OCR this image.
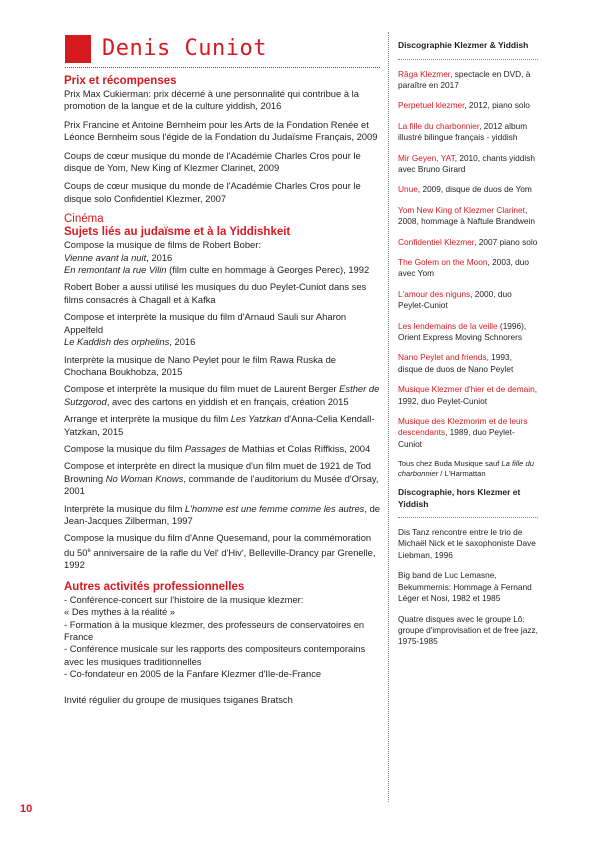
Denis Cuniot
Prix et récompenses

Prix Max Cukierman: prix décerné à une personnalité qui contribue à la promotion de la langue et de la culture yiddish, 2016

Prix Francine et Antoine Bernheim pour les Arts de la Fondation Renée et Léonce Bernheim sous l'égide de la Fondation du Judaïsme Français, 2009

Coups de cœur musique du monde de l'Académie Charles Cros pour le disque de Yom, New King of Klezmer Clarinet, 2009

Coups de cœur musique du monde de l'Académie Charles Cros pour le disque solo Confidentiel Klezmer, 2007

Cinéma
Sujets liés au judaïsme et à la Yiddishkeit

Compose la musique de films de Robert Bober:
Vienne avant la nuit, 2016
En remontant la rue Vilin (film culte en hommage à Georges Perec), 1992

Robert Bober a aussi utilisé les musiques du duo Peylet-Cuniot dans ses films consacrés à Chagall et à Kafka

Compose et interprète la musique du film d'Arnaud Sauli sur Aharon Appelfeld
Le Kaddish des orphelins, 2016

Interprète la musique de Nano Peylet pour le film Rawa Ruska de Chochana Boukhobza, 2015

Compose et interprète la musique du film muet de Laurent Berger Esther de Sutzgorod, avec des cartons en yiddish et en français, création 2015

Arrange et interprète la musique du film Les Yatzkan d'Anna-Celia Kendall-Yatzkan, 2015

Compose la musique du film Passages de Mathias et Colas Riffkiss, 2004

Compose et interprète en direct la musique d'un film muet de 1921 de Tod Browning No Woman Knows, commande de l'auditorium du Musée d'Orsay, 2001

Interprète la musique du film L'homme est une femme comme les autres, de Jean-Jacques Zilberman, 1997

Compose la musique du film d'Anne Quesemand, pour la commémoration du 50e anniversaire de la rafle du Vel' d'Hiv', Belleville-Drancy par Grenelle, 1992

Autres activités professionnelles

- Conférence-concert sur l'histoire de la musique klezmer:

« Des mythes à la réalité »

- Formation à la musique klezmer, des professeurs de conservatoires en France

- Conférence musicale sur les rapports des compositeurs contemporains avec les musiques traditionnelles

- Co-fondateur en 2005 de la Fanfare Klezmer d'Ile-de-France

Invité régulier du groupe de musiques tsiganes Bratsch

Discographie Klezmer & Yiddish

Râga Klezmer, spectacle en DVD, à paraître en 2017

Perpetuel klezmer, 2012, piano solo

La fille du charbonnier, 2012 album illustré bilingue français - yiddish

Mir Geyen, YAT, 2010, chants yiddish avec Bruno Girard

Unue, 2009, disque de duos de Yom

Yom New King of Klezmer Clarinet, 2008, hommage à Naftule Brandwein

Confidentiel Klezmer, 2007 piano solo

The Golem on the Moon, 2003, duo avec Yom

L'amour des niguns, 2000, duo Peylet-Cuniot

Les lendemains de la veille (1996), Orient Express Moving Schnorers

Nano Peylet and friends, 1993, disque de duos de Nano Peylet

Musique Klezmer d'hier et de demain, 1992, duo Peylet-Cuniot

Musique des Klezmorim et de leurs descendants, 1989, duo Peylet-Cuniot

Tous chez Buda Musique sauf La fille du charbonnier / L'Harmattan

Discographie, hors Klezmer et Yiddish

Dis Tanz rencontre entre le trio de Michaël Nick et le saxophoniste Dave Liebman, 1996

Big band de Luc Lemasne, Bekummernis: Hommage à Fernand Léger et Nosi, 1982 et 1985

Quatre disques avec le groupe Lô: groupe d'improvisation et de free jazz, 1975-1985

10
